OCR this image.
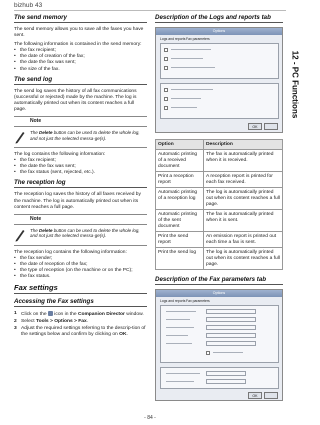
bizhub 43
12 - PC Functions
The send memory
The send memory allows you to save all the faxes you have sent.
The following information is contained in the send memory:
• the fax recipient;
• the date of creation of the fax;
• the date the fax was sent;
• the size of the fax.
The send log
The send log saves the history of all fax communications (successful or rejected) made by the machine. The log is automatically printed out when its content reaches a full page.
Note
The Delete button can be used to delete the whole log, and not just the selected messa-ge(s).
The log contains the following information:
• the fax recipient;
• the date the fax was sent;
• the fax status (sent, rejected, etc.).
The reception log
The reception log saves the history of all faxes received by the machine. The log is automatically printed out when its content reaches a full page.
Note
The Delete button can be used to delete the whole log, and not just the selected messa-ge(s).
The reception log contains the following information:
• the fax sender;
• the date of reception of the fax;
• the type of reception (on the machine or on the PC);
• the fax status.
Fax settings
Accessing the Fax settings
1 Click on the  icon in the Companion Director window.
2 Select Tools > Options > Fax.
3 Adjust the required settings referring to the descrip-tion of the settings below and confirm by clicking on OK.
Description of the Logs and reports tab
Options
Logs and reports Fax parameters
OK
Option	Description
Automatic printing of a received document	The fax is automatically printed when it is received.
Print a reception report	A reception report is printed for each fax received.
Automatic printing of a reception log	The log is automatically printed out when its content reaches a full page.
Automatic printing of the sent document	The fax is automatically printed when it is sent.
Print the send report	An emission report is printed out each time a fax is sent.
Print the send log	The log is automatically printed out when its content reaches a full page.
Description of the Fax parameters tab
Options
Logs and reports Fax parameters
OK
- 84 -
